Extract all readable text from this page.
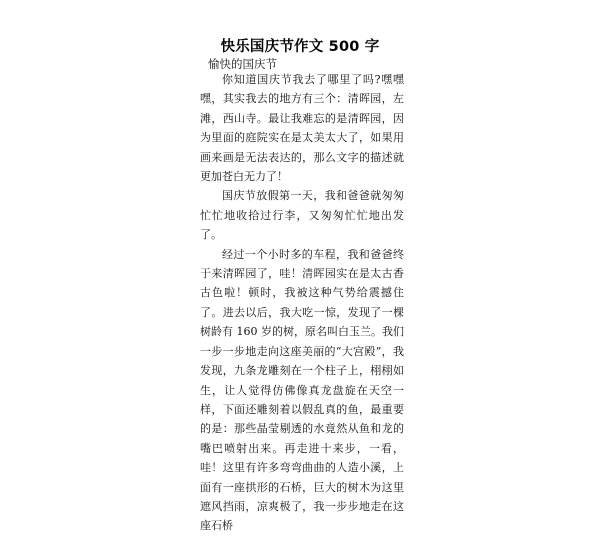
快乐国庆节作文 500 字
愉快的国庆节

你知道国庆节我去了哪里了吗?嘿嘿嘿，其实我去的地方有三个：清晖园，左滩，西山寺。最让我难忘的是清晖园，因为里面的庭院实在是太美太大了，如果用画来画是无法表达的，那么文字的描述就更加苍白无力了！

国庆节放假第一天，我和爸爸就匆匆忙忙地收拾过行李，又匆匆忙忙地出发了。

经过一个小时多的车程，我和爸爸终于来清晖园了，哇！清晖园实在是太古香古色啦！顿时，我被这种气势给震撼住了。进去以后，我大吃一惊，发现了一棵树龄有 160 岁的树，原名叫白玉兰。我们一步一步地走向这座美丽的“大宫殿”，我发现，九条龙雕刻在一个柱子上，栩栩如生，让人觉得仿佛像真龙盘旋在天空一样，下面还雕刻着以假乱真的鱼，最重要的是：那些晶莹剔透的水竟然从鱼和龙的嘴巴喷射出来。再走进十来步，一看，哇！这里有许多弯弯曲曲的人造小溪，上面有一座拱形的石桥，巨大的树木为这里遮风挡雨，凉爽极了，我一步步地走在这座石桥
